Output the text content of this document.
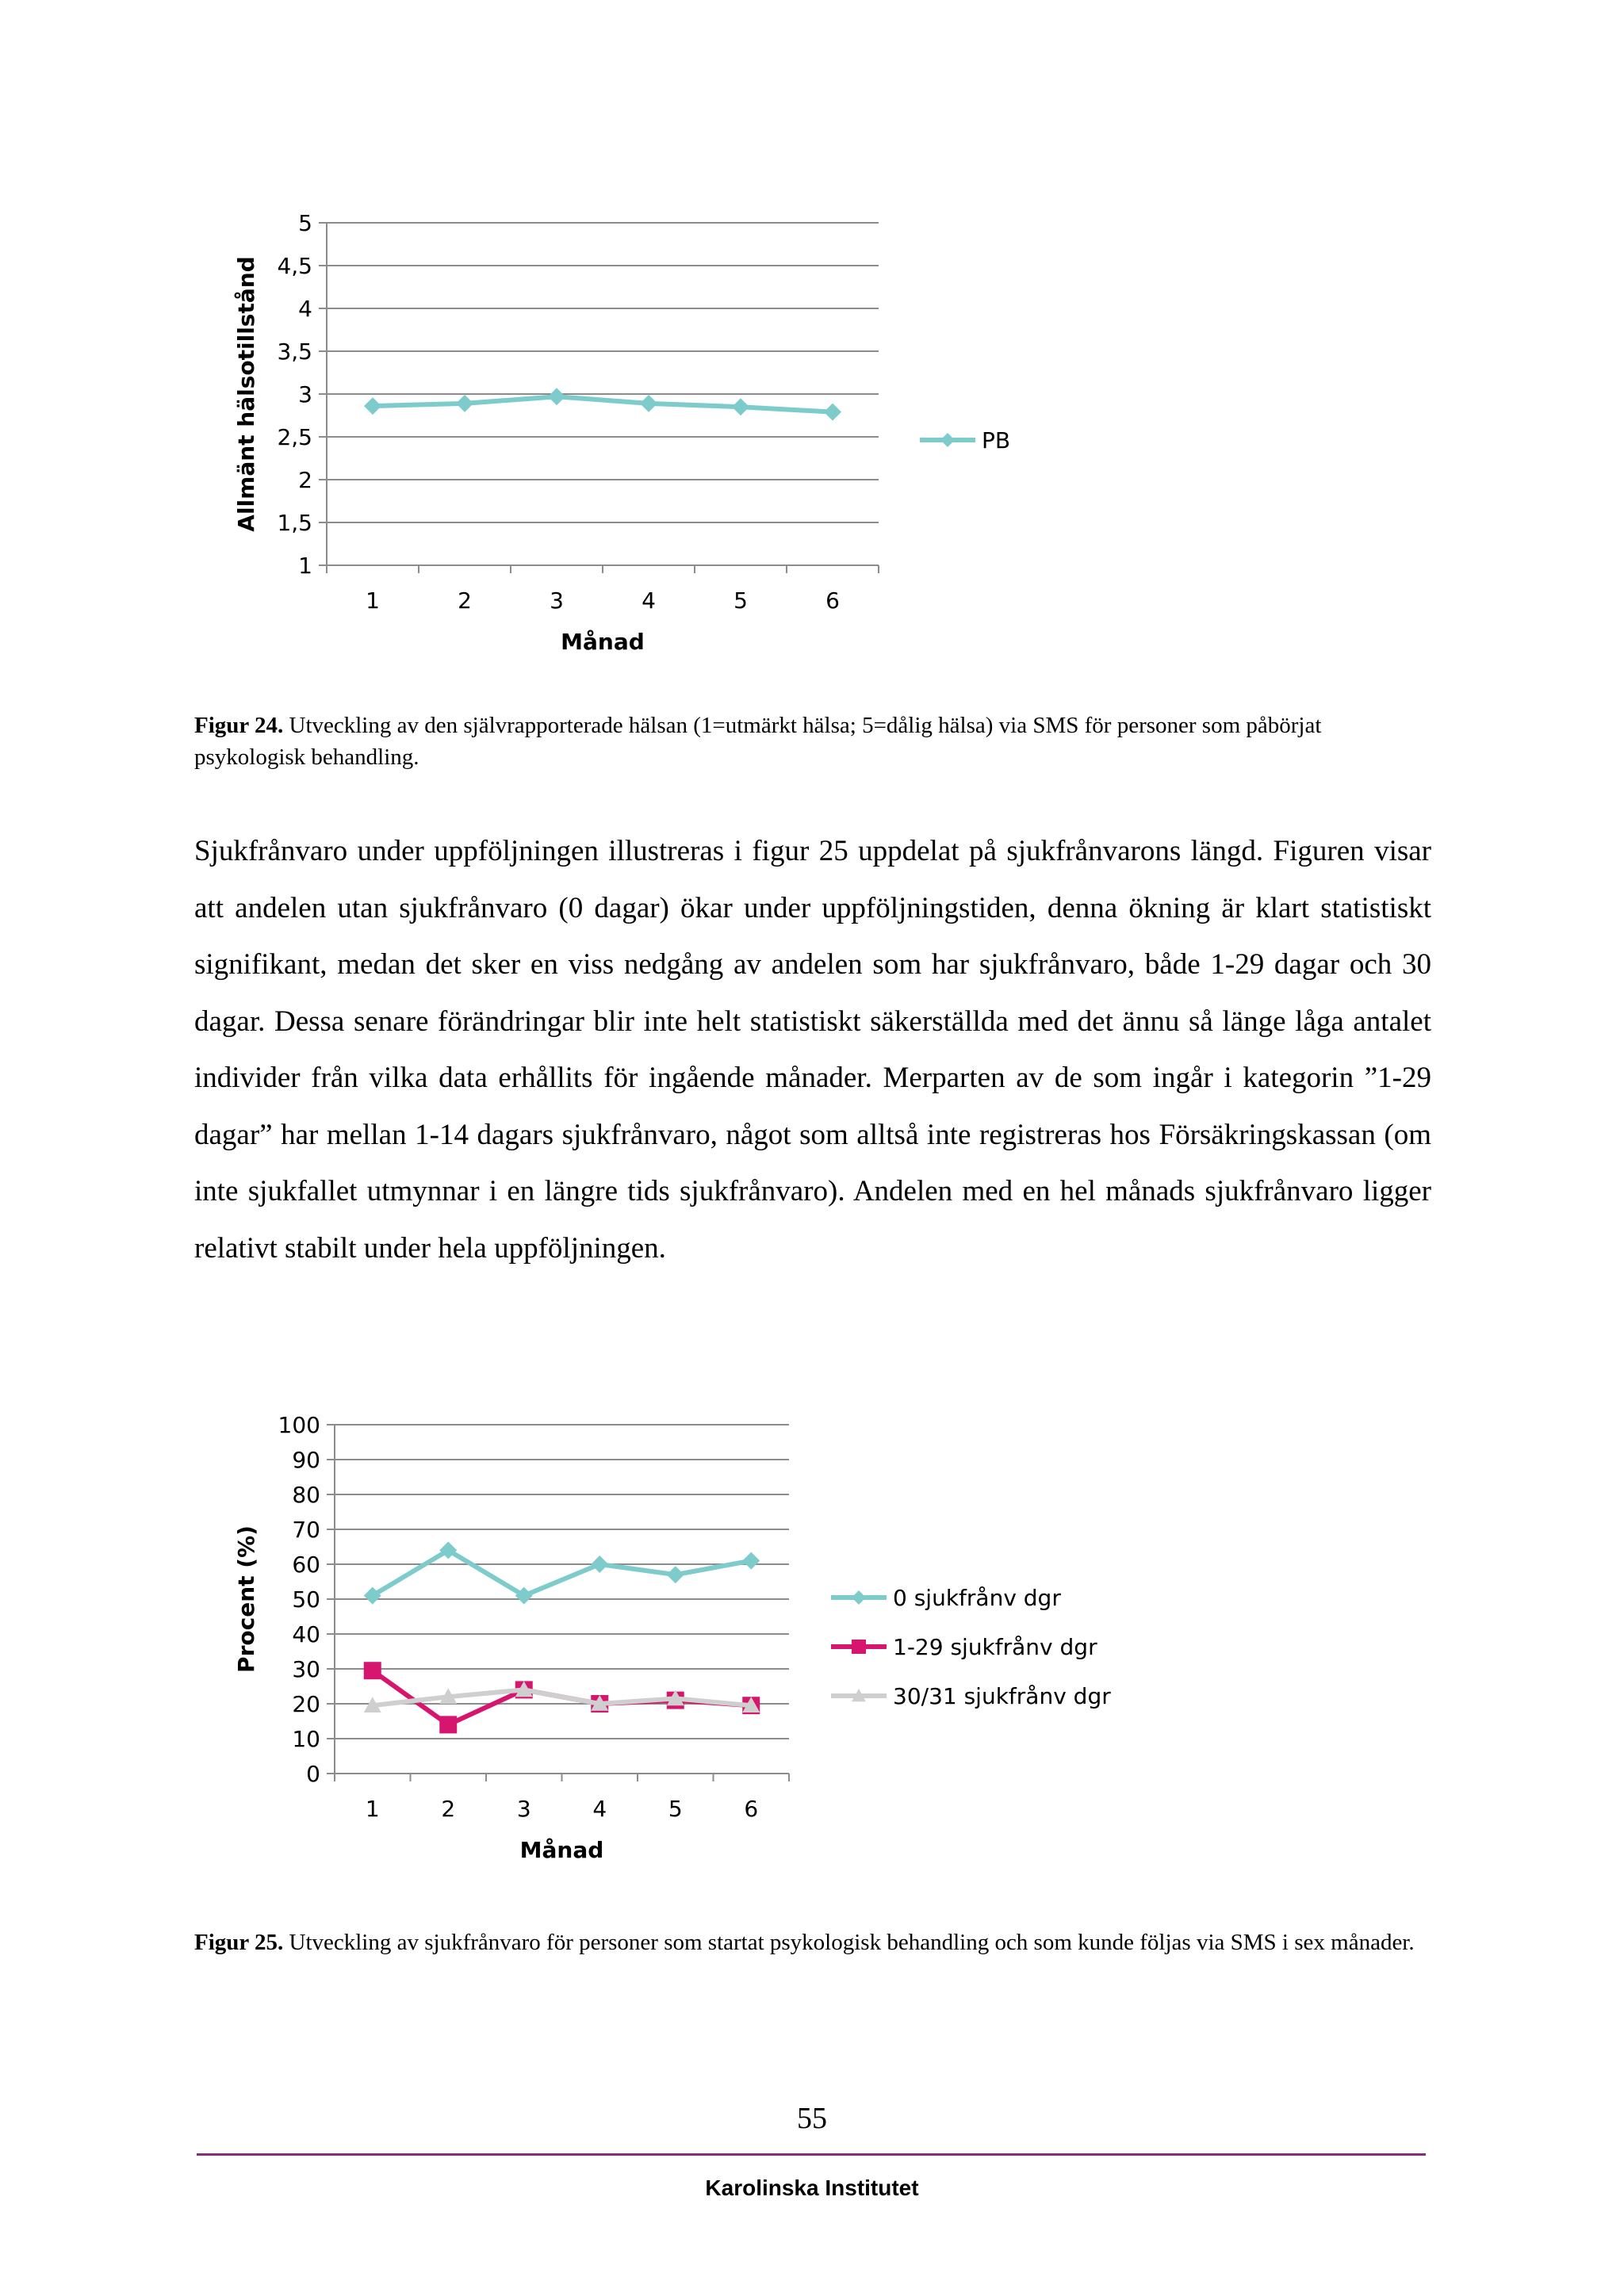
1
1,5
2
2,5
3
3,5
4
4,5
5
1	2	3	4	5	6
Månad
Allmänt hälsotillstånd	PB
Figur 24. Utveckling av den självrapporterade hälsan (1=utmärkt hälsa; 5=dålig hälsa) via SMS för personer som påbörjat psykologisk behandling.

Sjukfrånvaro under uppföljningen illustreras i figur 25 uppdelat på sjukfrånvarons längd. Figuren visar att andelen utan sjukfrånvaro (0 dagar) ökar under uppföljningstiden, denna ökning är klart statistiskt signifikant, medan det sker en viss nedgång av andelen som har sjukfrånvaro, både 1-29 dagar och 30 dagar. Dessa senare förändringar blir inte helt statistiskt säkerställda med det ännu så länge låga antalet individer från vilka data erhållits för ingående månader. Merparten av de som ingår i kategorin ”1-29 dagar” har mellan 1-14 dagars sjukfrånvaro, något som alltså inte registreras hos Försäkringskassan (om inte sjukfallet utmynnar i en längre tids sjukfrånvaro). Andelen med en hel månads sjukfrånvaro ligger relativt stabilt under hela uppföljningen.

0
10
20
30
40
50
60
70
80
90
100
1	2	3	4	5	6
Månad
Procent (%)	0 sjukfrånv dgr
1-29 sjukfrånv dgr
30/31 sjukfrånv dgr
Figur 25. Utveckling av sjukfrånvaro för personer som startat psykologisk behandling och som kunde följas via SMS i sex månader.
55
Karolinska Institutet
